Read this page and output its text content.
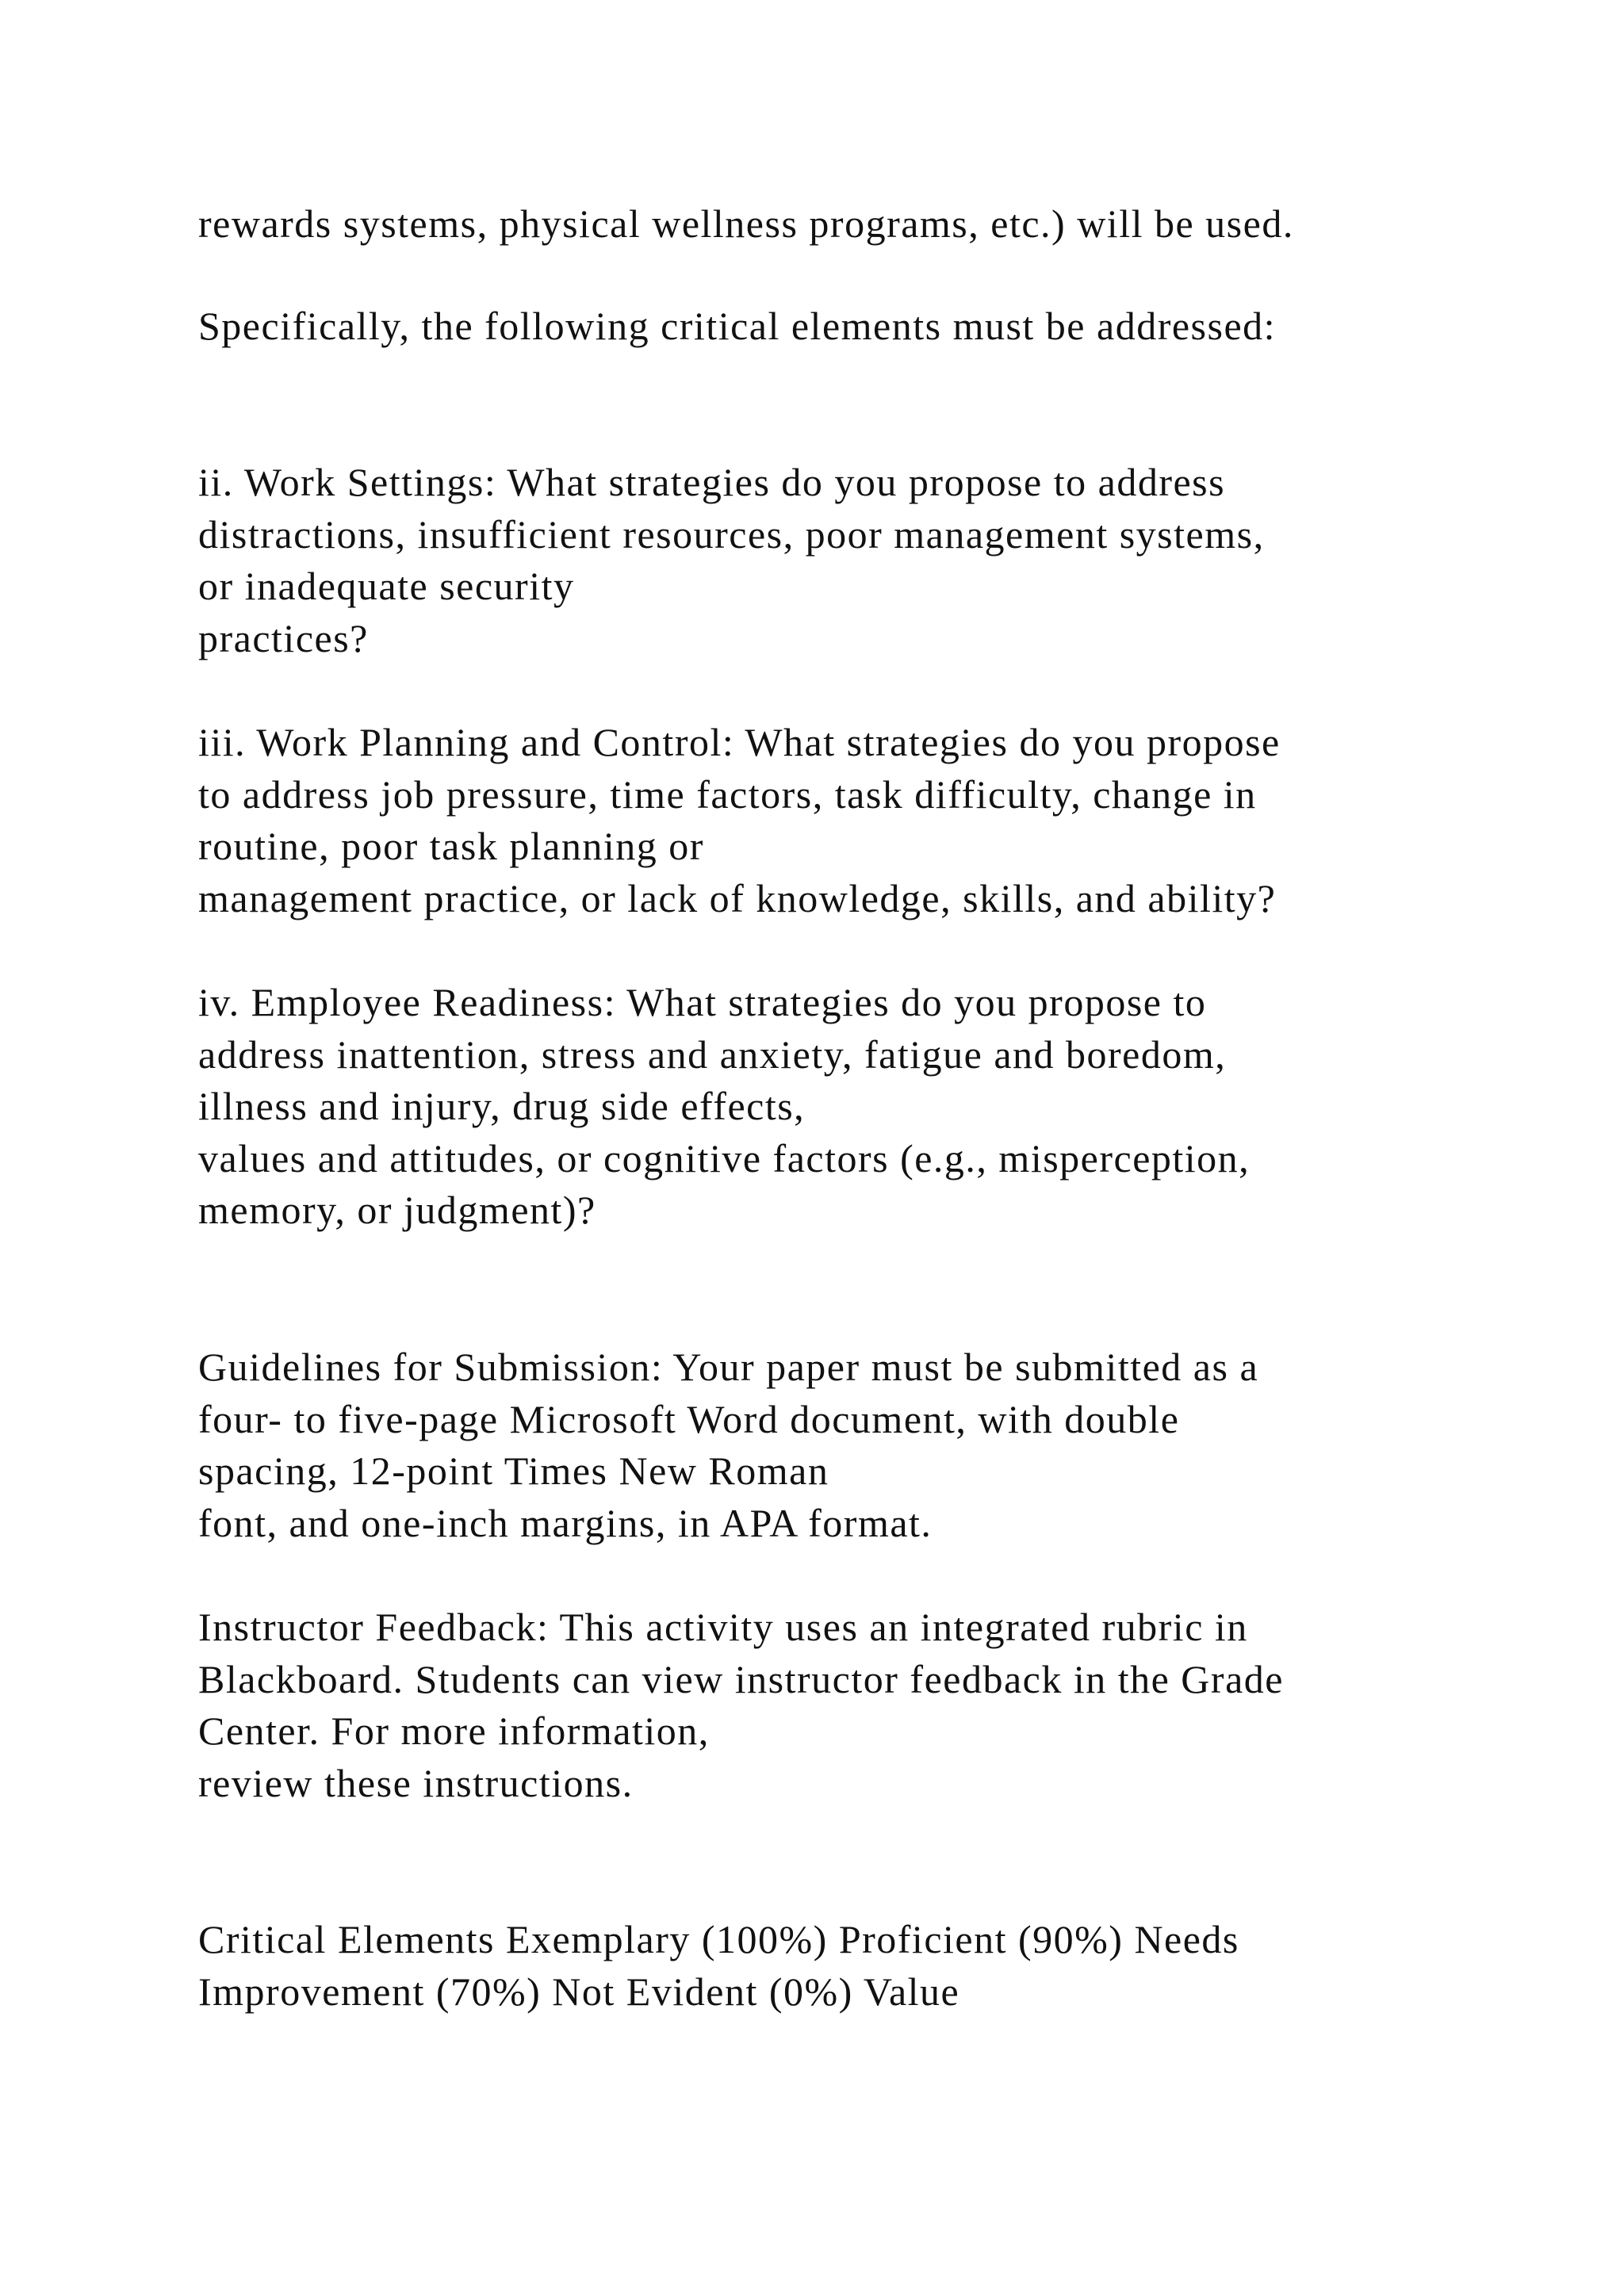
rewards systems, physical wellness programs, etc.) will be used.

Specifically, the following critical elements must be addressed:

ii. Work Settings: What strategies do you propose to address
distractions, insufficient resources, poor management systems,
or inadequate security
practices?

iii. Work Planning and Control: What strategies do you propose
to address job pressure, time factors, task difficulty, change in
routine, poor task planning or
management practice, or lack of knowledge, skills, and ability?

iv. Employee Readiness: What strategies do you propose to
address inattention, stress and anxiety, fatigue and boredom,
illness and injury, drug side effects,
values and attitudes, or cognitive factors (e.g., misperception,
memory, or judgment)?

Guidelines for Submission: Your paper must be submitted as a
four- to five-page Microsoft Word document, with double
spacing, 12-point Times New Roman
font, and one-inch margins, in APA format.

Instructor Feedback: This activity uses an integrated rubric in
Blackboard. Students can view instructor feedback in the Grade
Center. For more information,
review these instructions.

Critical Elements Exemplary (100%) Proficient (90%) Needs
Improvement (70%) Not Evident (0%) Value
